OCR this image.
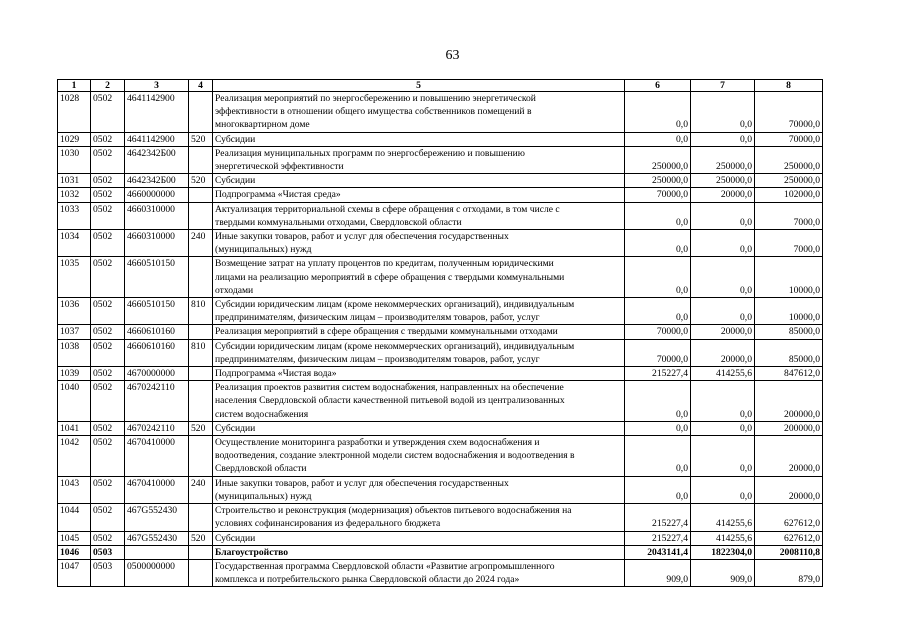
63
1	2	3	4	5	6	7	8
1028	0502	4641142900		Реализация мероприятий по энергосбережению и повышению энергетической
эффективности в отношении общего имущества собственников помещений в
многоквартирном доме	0,0	0,0	70000,0
1029	0502	4641142900	520	Субсидии	0,0	0,0	70000,0
1030	0502	4642342Б00		Реализация муниципальных программ по энергосбережению и повышению
энергетической эффективности	250000,0	250000,0	250000,0
1031	0502	4642342Б00	520	Субсидии	250000,0	250000,0	250000,0
1032	0502	4660000000		Подпрограмма «Чистая среда»	70000,0	20000,0	102000,0
1033	0502	4660310000		Актуализация территориальной схемы в сфере обращения с отходами, в том числе с
твердыми коммунальными отходами, Свердловской области	0,0	0,0	7000,0
1034	0502	4660310000	240	Иные закупки товаров, работ и услуг для обеспечения государственных
(муниципальных) нужд	0,0	0,0	7000,0
1035	0502	4660510150		Возмещение затрат на уплату процентов по кредитам, полученным юридическими
лицами на реализацию мероприятий в сфере обращения с твердыми коммунальными
отходами	0,0	0,0	10000,0
1036	0502	4660510150	810	Субсидии юридическим лицам (кроме некоммерческих организаций), индивидуальным
предпринимателям, физическим лицам – производителям товаров, работ, услуг	0,0	0,0	10000,0
1037	0502	4660610160		Реализация мероприятий в сфере обращения с твердыми коммунальными отходами	70000,0	20000,0	85000,0
1038	0502	4660610160	810	Субсидии юридическим лицам (кроме некоммерческих организаций), индивидуальным
предпринимателям, физическим лицам – производителям товаров, работ, услуг	70000,0	20000,0	85000,0
1039	0502	4670000000		Подпрограмма «Чистая вода»	215227,4	414255,6	847612,0
1040	0502	4670242110		Реализация проектов развития систем водоснабжения, направленных на обеспечение
населения Свердловской области качественной питьевой водой из централизованных
систем водоснабжения	0,0	0,0	200000,0
1041	0502	4670242110	520	Субсидии	0,0	0,0	200000,0
1042	0502	4670410000		Осуществление мониторинга разработки и утверждения схем водоснабжения и
водоотведения, создание электронной модели систем водоснабжения и водоотведения в
Свердловской области	0,0	0,0	20000,0
1043	0502	4670410000	240	Иные закупки товаров, работ и услуг для обеспечения государственных
(муниципальных) нужд	0,0	0,0	20000,0
1044	0502	467G552430		Строительство и реконструкция (модернизация) объектов питьевого водоснабжения на
условиях софинансирования из федерального бюджета	215227,4	414255,6	627612,0
1045	0502	467G552430	520	Субсидии	215227,4	414255,6	627612,0
1046	0503			Благоустройство	2043141,4	1822304,0	2008110,8
1047	0503	0500000000		Государственная программа Свердловской области «Развитие агропромышленного
комплекса и потребительского рынка Свердловской области до 2024 года»	909,0	909,0	879,0
